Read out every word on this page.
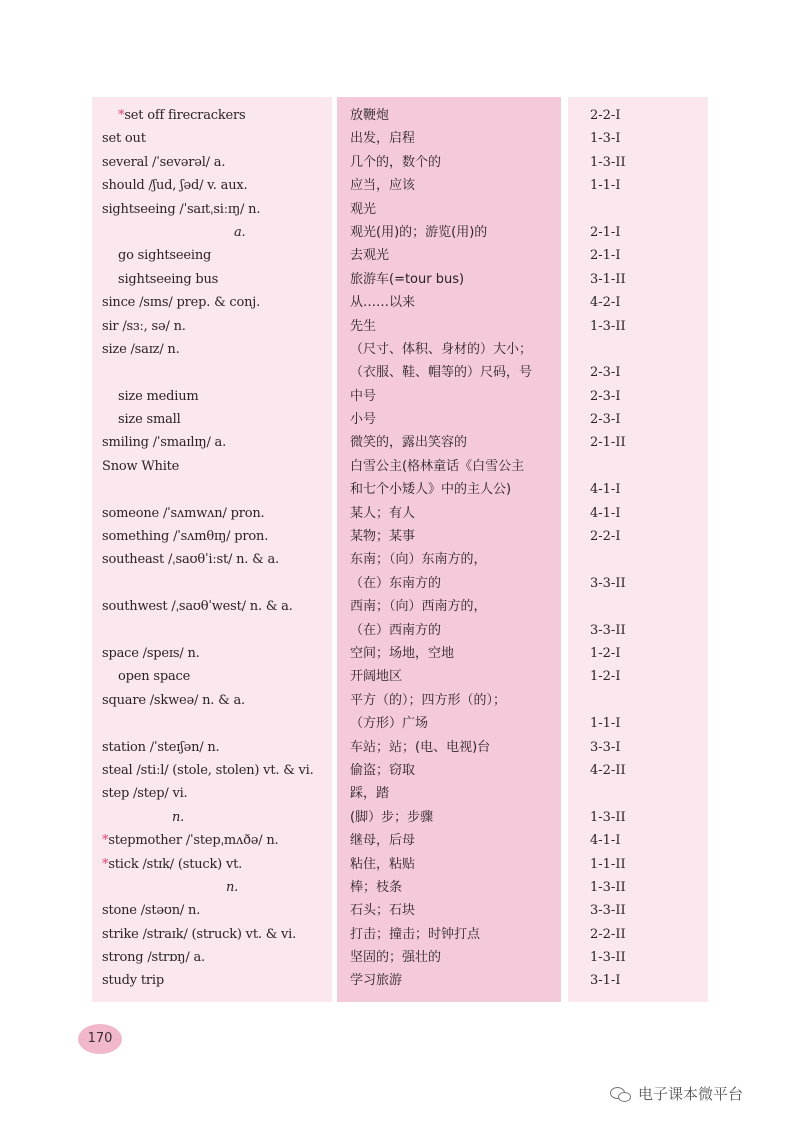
*set off firecrackers	放鞭炮	2-2-I
set out	出发，启程	1-3-I
several /ˈsevərəl/ a.	几个的，数个的	1-3-II
should /ʃud, ʃəd/ v. aux.	应当，应该	1-1-I
sightseeing /ˈsaɪtˌsiːɪŋ/ n.	观光
a.	观光(用)的；游览(用)的	2-1-I
go sightseeing	去观光	2-1-I
sightseeing bus	旅游车(=tour bus)	3-1-II
since /sɪns/ prep. & conj.	从……以来	4-2-I
sir /sɜː, sə/ n.	先生	1-3-II
size /saɪz/ n.	（尺寸、体积、身材的）大小；
（衣服、鞋、帽等的）尺码，号	2-3-I
size medium	中号	2-3-I
size small	小号	2-3-I
smiling /ˈsmaɪlɪŋ/ a.	微笑的，露出笑容的	2-1-II
Snow White	白雪公主(格林童话《白雪公主
和七个小矮人》中的主人公)	4-1-I
someone /ˈsʌmwʌn/ pron.	某人；有人	4-1-I
something /ˈsʌmθɪŋ/ pron.	某物；某事	2-2-I
southeast /ˌsaʊθˈiːst/ n. & a.	东南；（向）东南方的，
（在）东南方的	3-3-II
southwest /ˌsaʊθˈwest/ n. & a.	西南；（向）西南方的，
（在）西南方的	3-3-II
space /speɪs/ n.	空间；场地，空地	1-2-I
open space	开阔地区	1-2-I
square /skweə/ n. & a.	平方（的）；四方形（的）；
（方形）广场	1-1-I
station /ˈsteɪʃən/ n.	车站；站；(电、电视)台	3-3-I
steal /stiːl/ (stole, stolen) vt. & vi.	偷盗；窃取	4-2-II
step /step/ vi.	踩，踏
n.	(脚）步；步骤	1-3-II
*stepmother /ˈstepˌmʌðə/ n.	继母，后母	4-1-I
*stick /stɪk/ (stuck) vt.	粘住，粘贴	1-1-II
n.	棒；枝条	1-3-II
stone /stəʊn/ n.	石头；石块	3-3-II
strike /straɪk/ (struck) vt. & vi.	打击；撞击；时钟打点	2-2-II
strong /strɒŋ/ a.	坚固的；强壮的	1-3-II
study trip	学习旅游	3-1-I
170
电子课本微平台
